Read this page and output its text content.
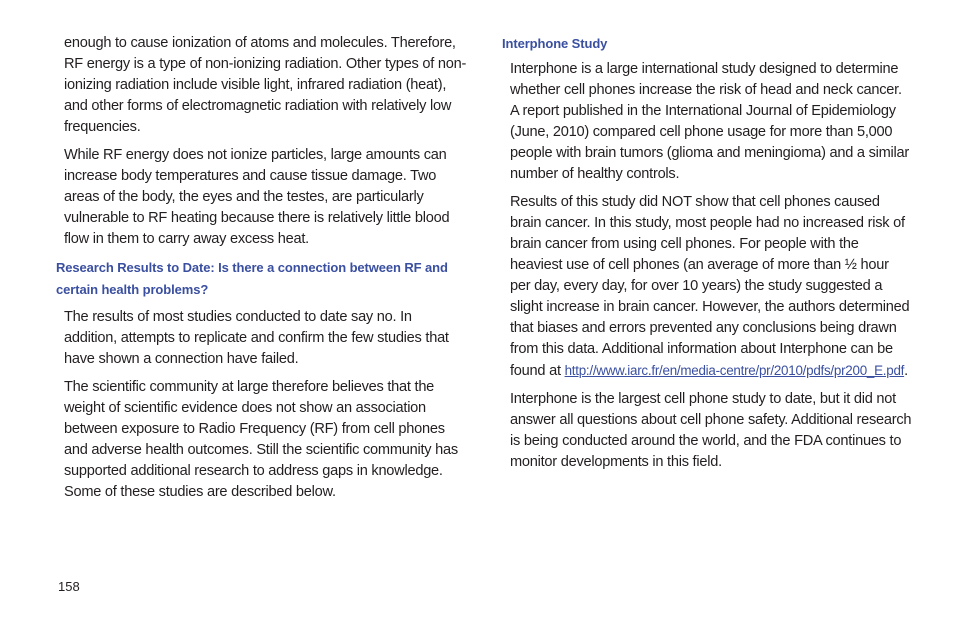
enough to cause ionization of atoms and molecules. Therefore, RF energy is a type of non-ionizing radiation. Other types of non-ionizing radiation include visible light, infrared radiation (heat), and other forms of electromagnetic radiation with relatively low frequencies.

While RF energy does not ionize particles, large amounts can increase body temperatures and cause tissue damage. Two areas of the body, the eyes and the testes, are particularly vulnerable to RF heating because there is relatively little blood flow in them to carry away excess heat.

Research Results to Date: Is there a connection between RF and certain health problems?

The results of most studies conducted to date say no. In addition, attempts to replicate and confirm the few studies that have shown a connection have failed.

The scientific community at large therefore believes that the weight of scientific evidence does not show an association between exposure to Radio Frequency (RF) from cell phones and adverse health outcomes. Still the scientific community has supported additional research to address gaps in knowledge. Some of these studies are described below.

Interphone Study

Interphone is a large international study designed to determine whether cell phones increase the risk of head and neck cancer. A report published in the International Journal of Epidemiology (June, 2010) compared cell phone usage for more than 5,000 people with brain tumors (glioma and meningioma) and a similar number of healthy controls.

Results of this study did NOT show that cell phones caused brain cancer. In this study, most people had no increased risk of brain cancer from using cell phones. For people with the heaviest use of cell phones (an average of more than ½ hour per day, every day, for over 10 years) the study suggested a slight increase in brain cancer. However, the authors determined that biases and errors prevented any conclusions being drawn from this data. Additional information about Interphone can be found at http://www.iarc.fr/en/media-centre/pr/2010/pdfs/pr200_E.pdf.

Interphone is the largest cell phone study to date, but it did not answer all questions about cell phone safety. Additional research is being conducted around the world, and the FDA continues to monitor developments in this field.

158
